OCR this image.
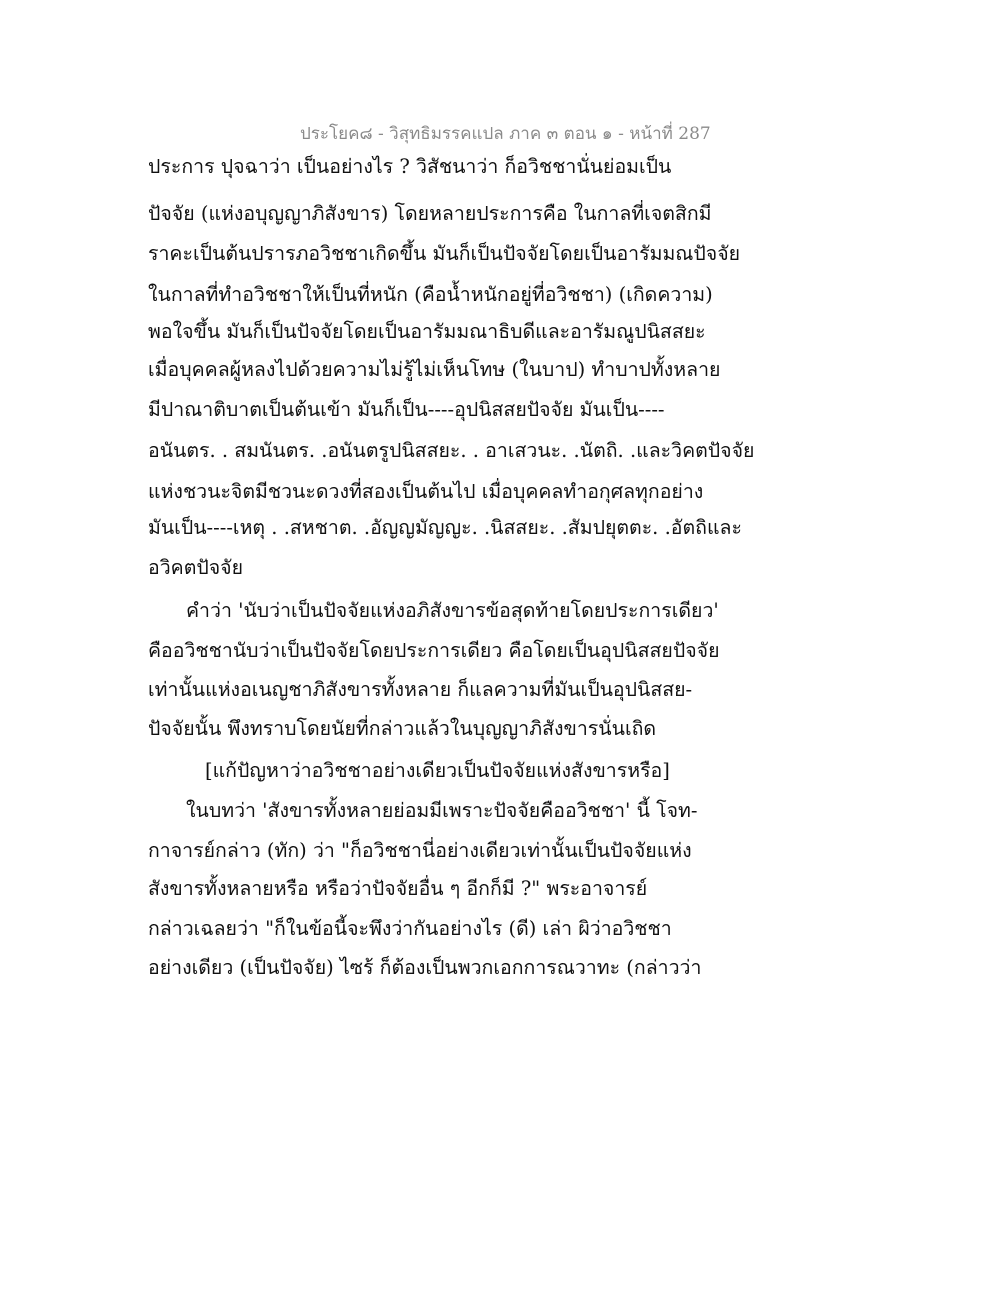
ประโยค๘ - วิสุทธิมรรคแปล ภาค ๓ ตอน ๑ - หน้าที่ 287
ประการ ปุจฉาว่า เป็นอย่างไร ? วิสัชนาว่า ก็อวิชชานั่นย่อมเป็น
ปัจจัย (แห่งอบุญญาภิสังขาร) โดยหลายประการคือ ในกาลที่เจตสิกมี
ราคะเป็นต้นปรารภอวิชชาเกิดขึ้น มันก็เป็นปัจจัยโดยเป็นอารัมมณปัจจัย
ในกาลที่ทำอวิชชาให้เป็นที่หนัก (คือน้ำหนักอยู่ที่อวิชชา) (เกิดความ)
พอใจขึ้น มันก็เป็นปัจจัยโดยเป็นอารัมมณาธิบดีและอารัมณูปนิสสยะ
เมื่อบุคคลผู้หลงไปด้วยความไม่รู้ไม่เห็นโทษ (ในบาป) ทำบาปทั้งหลาย
มีปาณาติบาตเป็นต้นเข้า มันก็เป็น----อุปนิสสยปัจจัย มันเป็น----
อนันตร. . สมนันตร. .อนันตรูปนิสสยะ. . อาเสวนะ. .นัตถิ. .และวิคตปัจจัย
แห่งชวนะจิตมีชวนะดวงที่สองเป็นต้นไป เมื่อบุคคลทำอกุศลทุกอย่าง
มันเป็น----เหตุ . .สหชาต. .อัญญมัญญะ. .นิสสยะ. .สัมปยุตตะ. .อัตถิและ
อวิคตปัจจัย
คำว่า 'นับว่าเป็นปัจจัยแห่งอภิสังขารข้อสุดท้ายโดยประการเดียว'
คืออวิชชานับว่าเป็นปัจจัยโดยประการเดียว คือโดยเป็นอุปนิสสยปัจจัย
เท่านั้นแห่งอเนญชาภิสังขารทั้งหลาย ก็แลความที่มันเป็นอุปนิสสย-
ปัจจัยนั้น พึงทราบโดยนัยที่กล่าวแล้วในบุญญาภิสังขารนั่นเถิด
[แก้ปัญหาว่าอวิชชาอย่างเดียวเป็นปัจจัยแห่งสังขารหรือ]
ในบทว่า 'สังขารทั้งหลายย่อมมีเพราะปัจจัยคืออวิชชา' นี้ โจท-
กาจารย์กล่าว (ทัก) ว่า "ก็อวิชชานี่อย่างเดียวเท่านั้นเป็นปัจจัยแห่ง
สังขารทั้งหลายหรือ หรือว่าปัจจัยอื่น ๆ อีกก็มี ?" พระอาจารย์
กล่าวเฉลยว่า "ก็ในข้อนี้จะพึงว่ากันอย่างไร (ดี) เล่า ผิว่าอวิชชา
อย่างเดียว (เป็นปัจจัย) ไซร้ ก็ต้องเป็นพวกเอกการณวาทะ (กล่าวว่า
